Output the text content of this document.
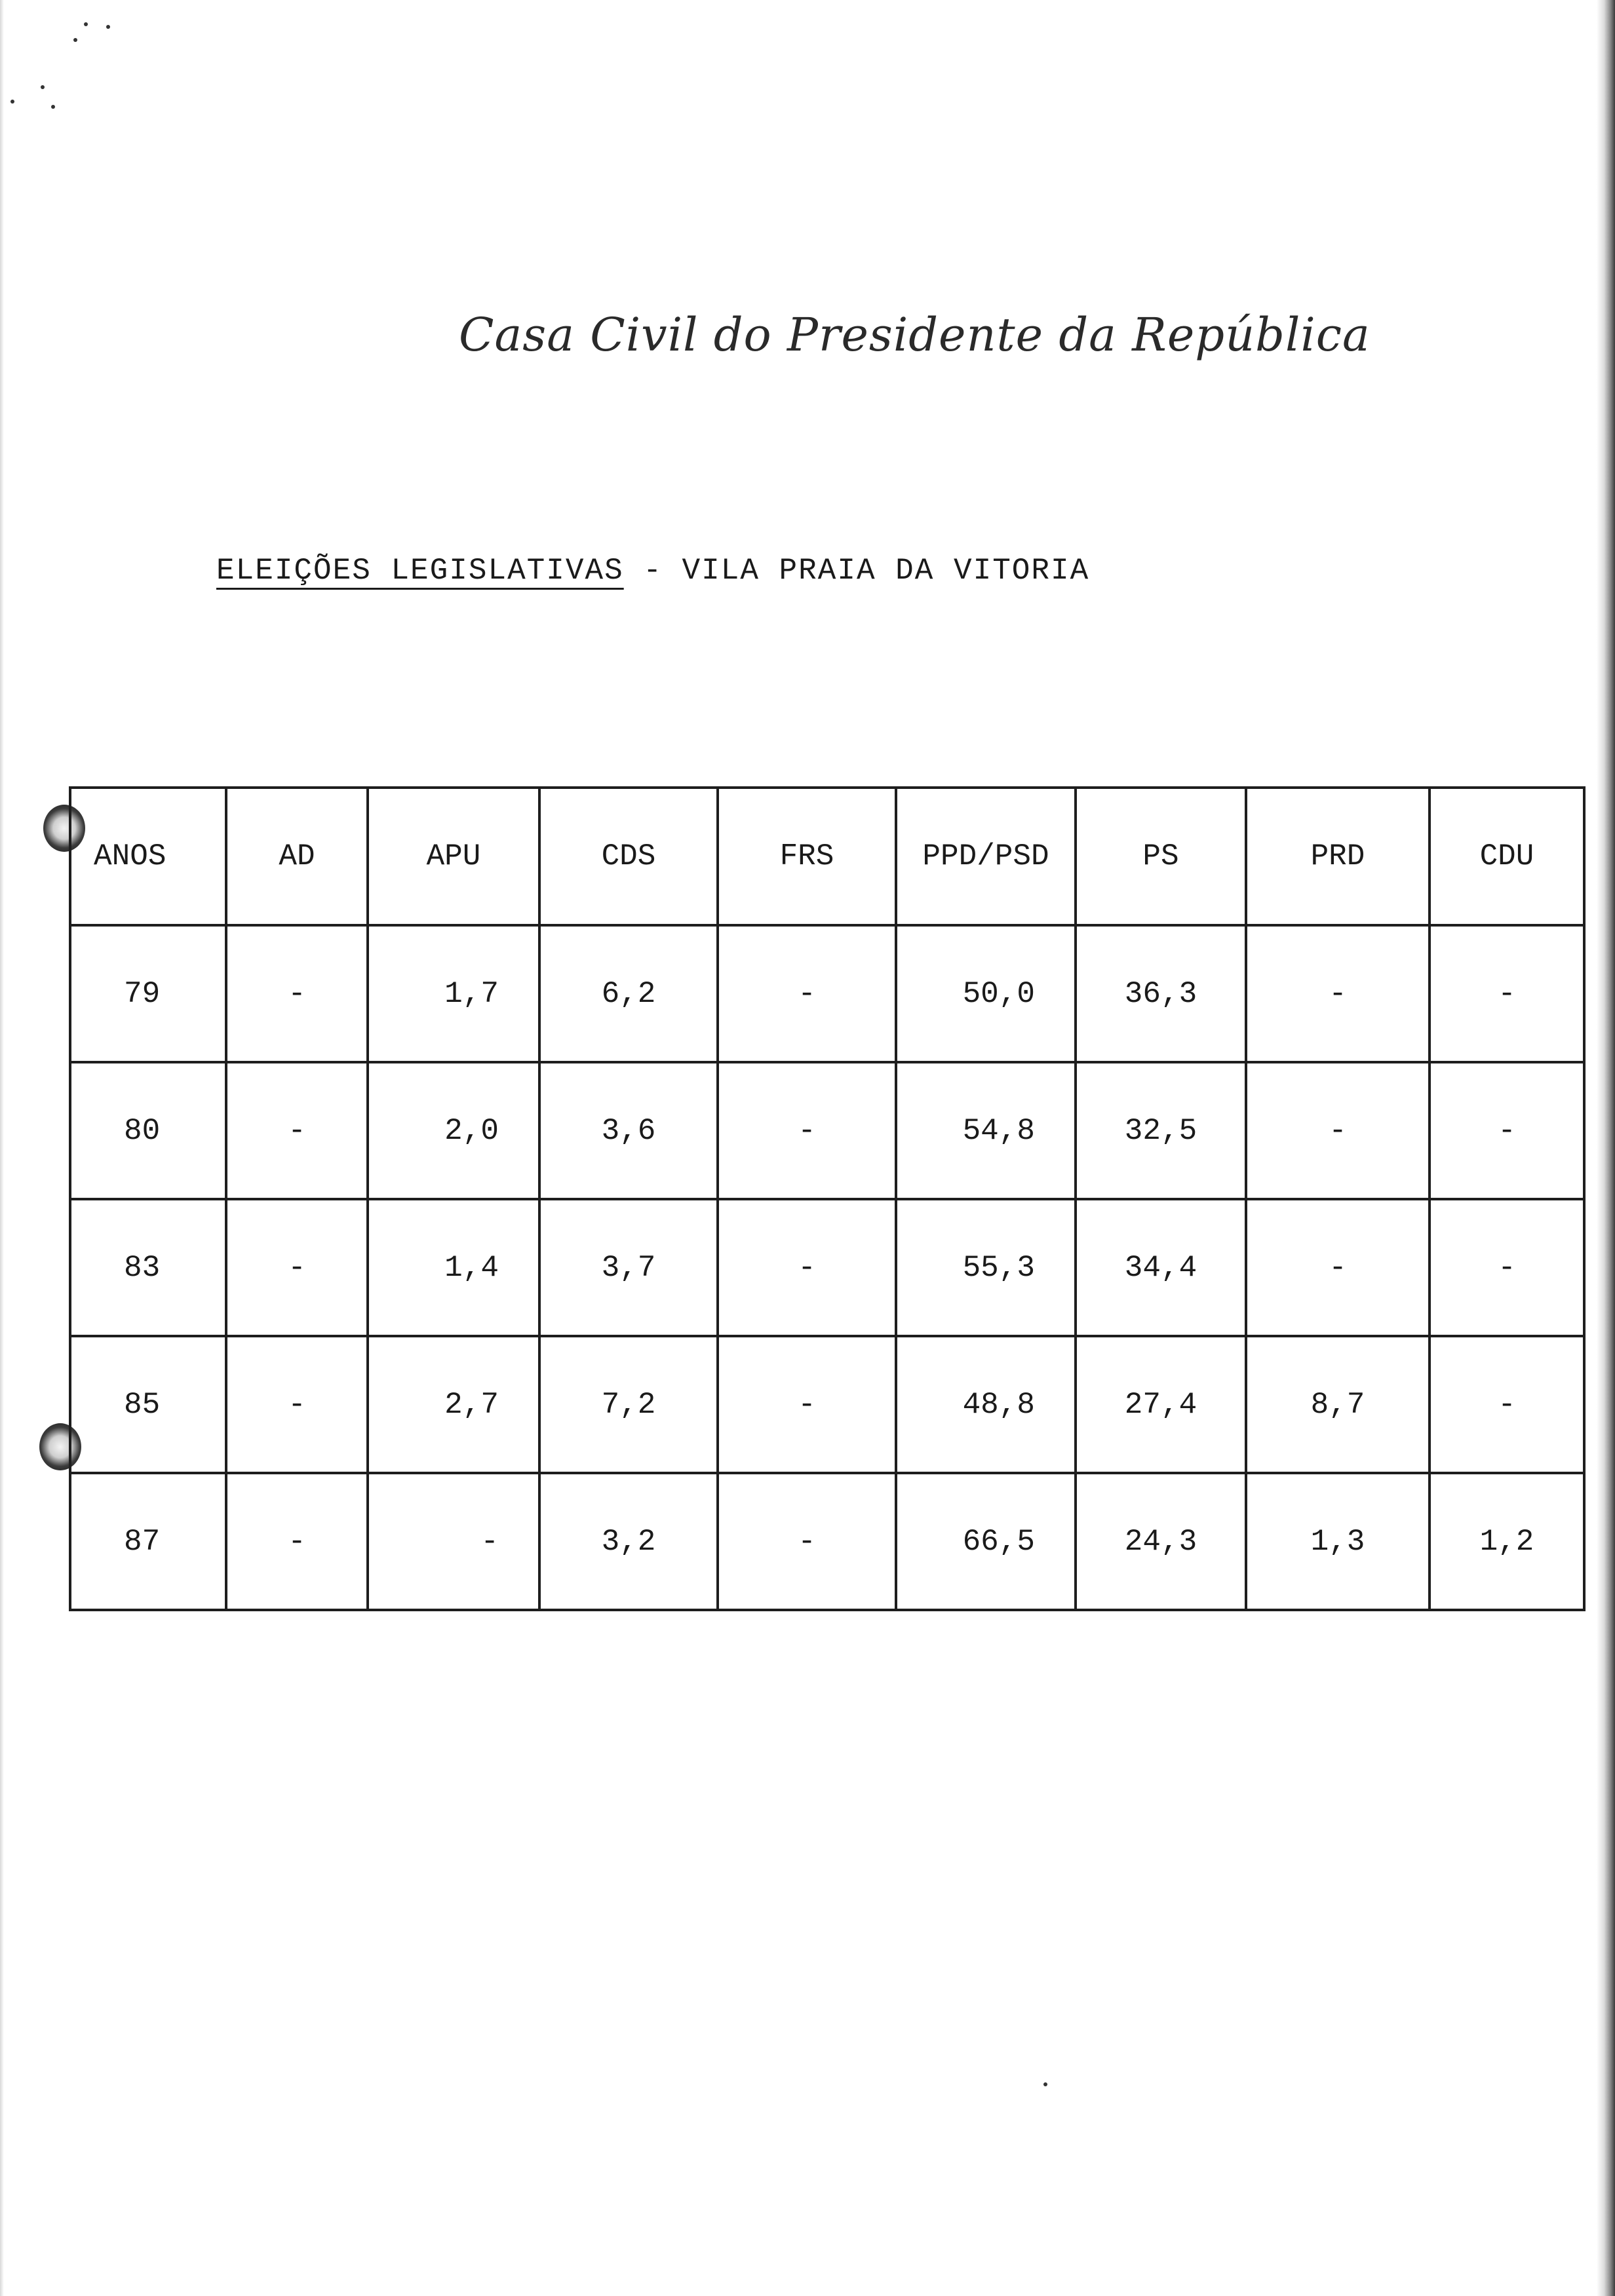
Casa Civil do Presidente da República
ELEIÇÕES LEGISLATIVAS - VILA PRAIA DA VITORIA
ANOS	AD	APU	CDS	FRS	PPD/PSD	PS	PRD	CDU
79	-	1,7	6,2	-	50,0	36,3	-	-
80	-	2,0	3,6	-	54,8	32,5	-	-
83	-	1,4	3,7	-	55,3	34,4	-	-
85	-	2,7	7,2	-	48,8	27,4	8,7	-
87	-	-	3,2	-	66,5	24,3	1,3	1,2
